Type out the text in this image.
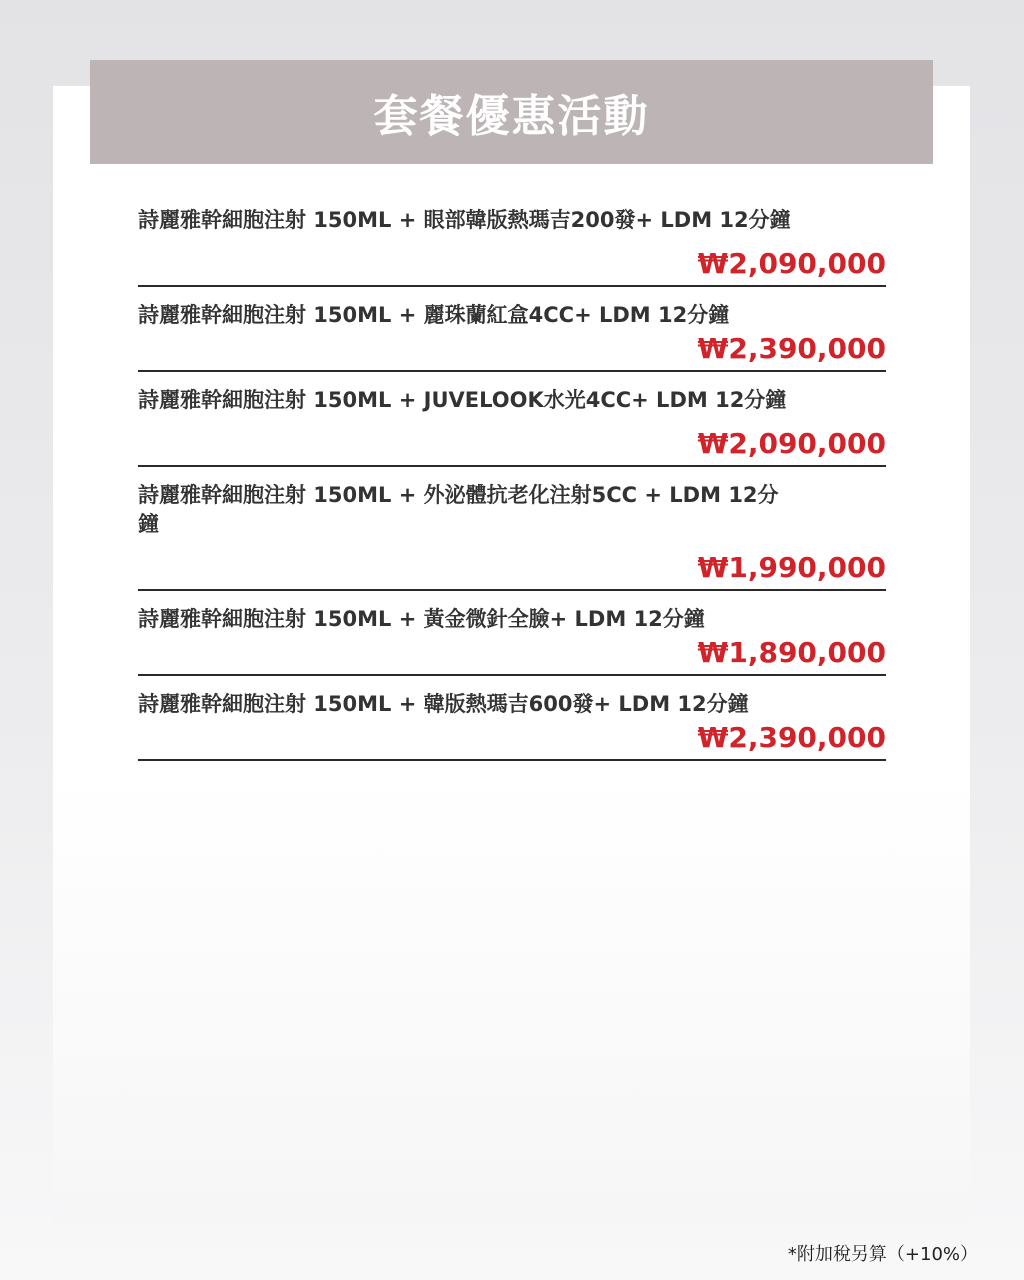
套餐優惠活動
詩麗雅幹細胞注射 150ML + 眼部韓版熱瑪吉200發+ LDM 12分鐘
₩2,090,000
詩麗雅幹細胞注射 150ML + 麗珠蘭紅盒4CC+ LDM 12分鐘
₩2,390,000
詩麗雅幹細胞注射 150ML + JUVELOOK水光4CC+ LDM 12分鐘
₩2,090,000
詩麗雅幹細胞注射 150ML + 外泌體抗老化注射5CC + LDM 12分鐘
₩1,990,000
詩麗雅幹細胞注射 150ML + 黃金微針全臉+ LDM 12分鐘
₩1,890,000
詩麗雅幹細胞注射 150ML + 韓版熱瑪吉600發+ LDM 12分鐘
₩2,390,000
*附加稅另算（+10%）
